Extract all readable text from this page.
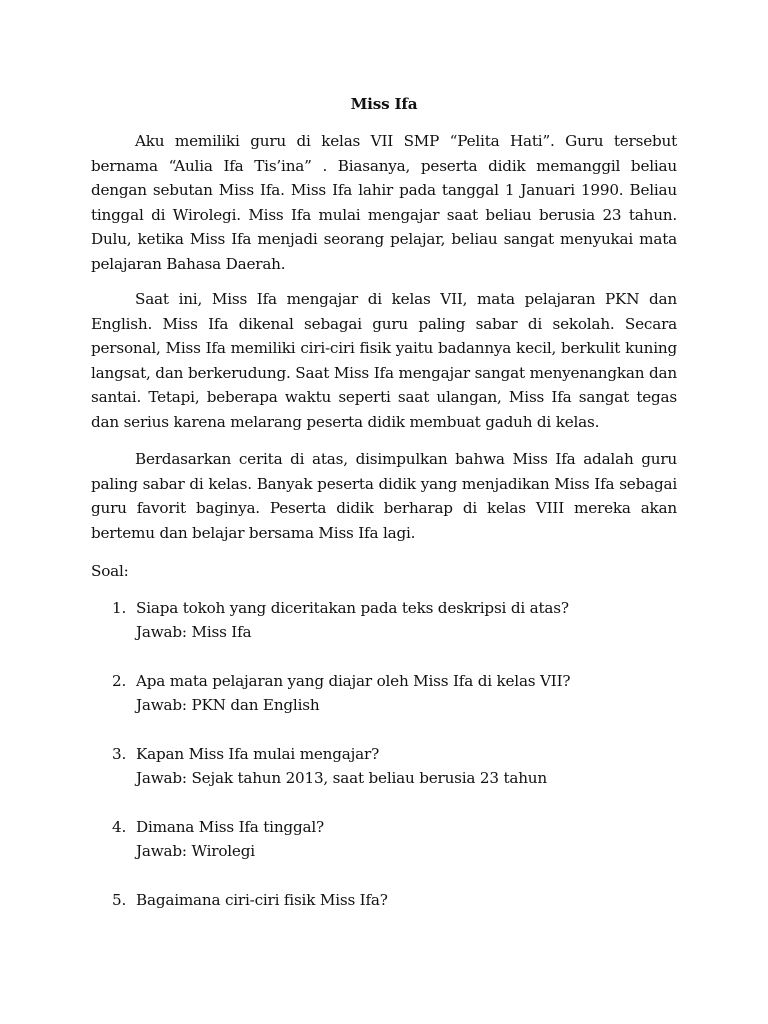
Miss Ifa

Aku memiliki guru di kelas VII SMP “Pelita Hati”. Guru tersebut bernama “Aulia Ifa Tis’ina” . Biasanya, peserta didik memanggil beliau dengan sebutan Miss Ifa. Miss Ifa lahir pada tanggal 1 Januari 1990. Beliau tinggal di Wirolegi. Miss Ifa mulai mengajar saat beliau berusia 23 tahun. Dulu, ketika Miss Ifa menjadi seorang pelajar, beliau sangat menyukai mata pelajaran Bahasa Daerah.

Saat ini, Miss Ifa mengajar di kelas VII, mata pelajaran PKN dan English. Miss Ifa dikenal sebagai guru paling sabar di sekolah. Secara personal, Miss Ifa memiliki ciri-ciri fisik yaitu badannya kecil, berkulit kuning langsat, dan berkerudung. Saat Miss Ifa mengajar sangat menyenangkan dan santai. Tetapi, beberapa waktu seperti saat ulangan, Miss Ifa sangat tegas dan serius karena melarang peserta didik membuat gaduh di kelas.

Berdasarkan cerita di atas, disimpulkan bahwa Miss Ifa adalah guru paling sabar di kelas. Banyak peserta didik yang menjadikan Miss Ifa sebagai guru favorit baginya. Peserta didik berharap di kelas VIII mereka akan bertemu dan belajar bersama Miss Ifa lagi.

Soal:
1. Siapa tokoh yang diceritakan pada teks deskripsi di atas?
Jawab: Miss Ifa
2. Apa mata pelajaran yang diajar oleh Miss Ifa di kelas VII?
Jawab: PKN dan English
3. Kapan Miss Ifa mulai mengajar?
Jawab: Sejak tahun 2013, saat beliau berusia 23 tahun
4. Dimana Miss Ifa tinggal?
Jawab: Wirolegi
5. Bagaimana ciri-ciri fisik Miss Ifa?
